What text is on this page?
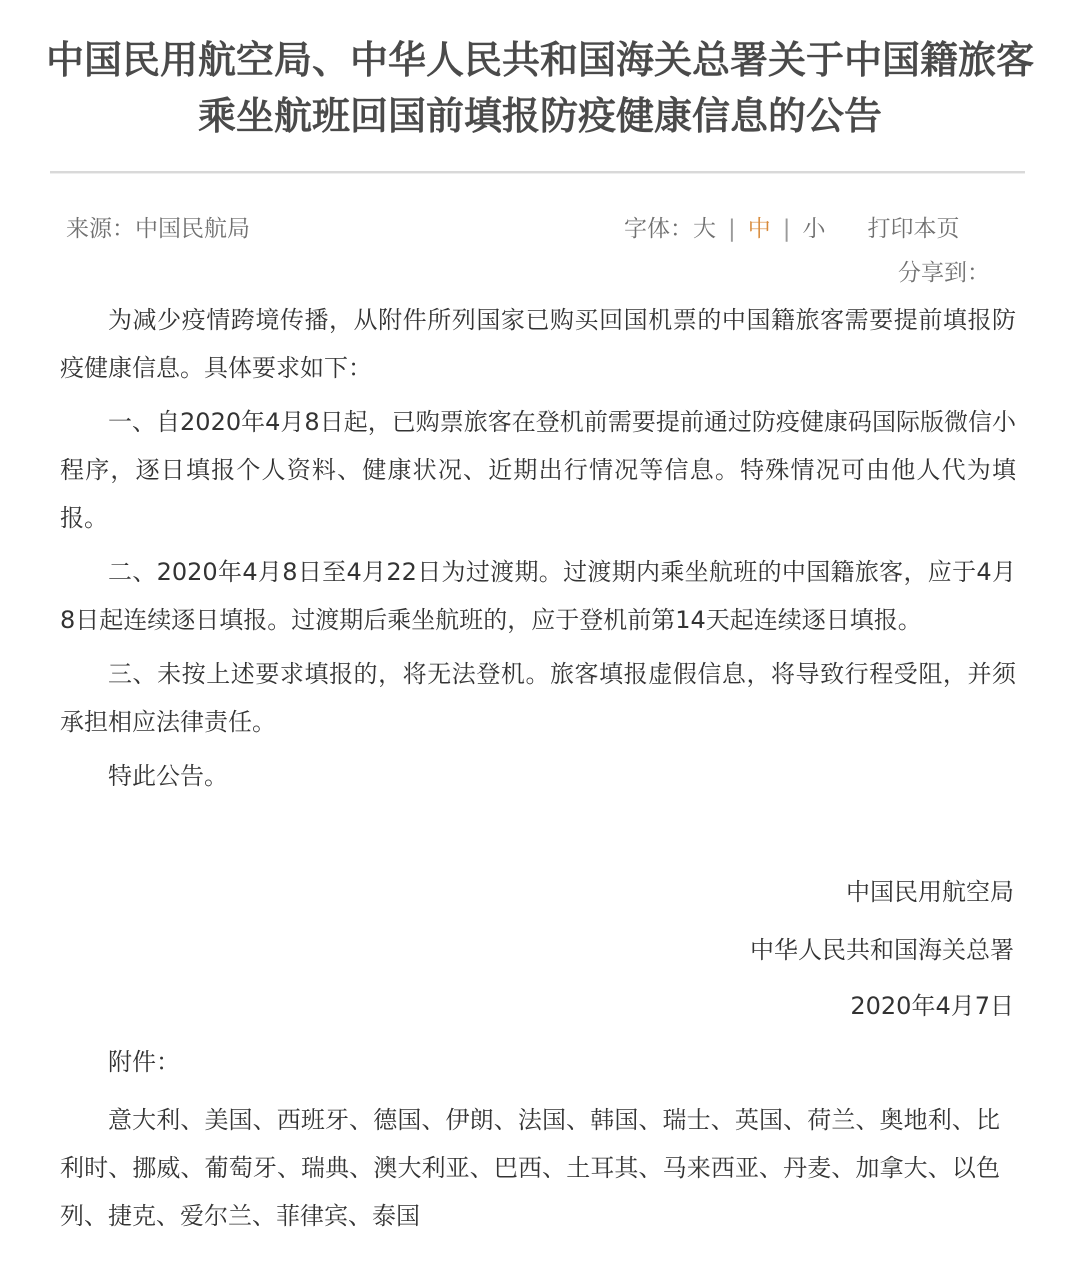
中国民用航空局、中华人民共和国海关总署关于中国籍旅客乘坐航班回国前填报防疫健康信息的公告
来源：中国民航局	字体：大 | 中 | 小 打印本页
分享到：

为减少疫情跨境传播，从附件所列国家已购买回国机票的中国籍旅客需要提前填报防疫健康信息。具体要求如下：

一、自2020年4月8日起，已购票旅客在登机前需要提前通过防疫健康码国际版微信小程序，逐日填报个人资料、健康状况、近期出行情况等信息。特殊情况可由他人代为填报。

二、2020年4月8日至4月22日为过渡期。过渡期内乘坐航班的中国籍旅客，应于4月8日起连续逐日填报。过渡期后乘坐航班的，应于登机前第14天起连续逐日填报。

三、未按上述要求填报的，将无法登机。旅客填报虚假信息，将导致行程受阻，并须承担相应法律责任。

特此公告。

中国民用航空局
中华人民共和国海关总署
2020年4月7日
附件：

意大利、美国、西班牙、德国、伊朗、法国、韩国、瑞士、英国、荷兰、奥地利、比利时、挪威、葡萄牙、瑞典、澳大利亚、巴西、土耳其、马来西亚、丹麦、加拿大、以色列、捷克、爱尔兰、菲律宾、泰国
